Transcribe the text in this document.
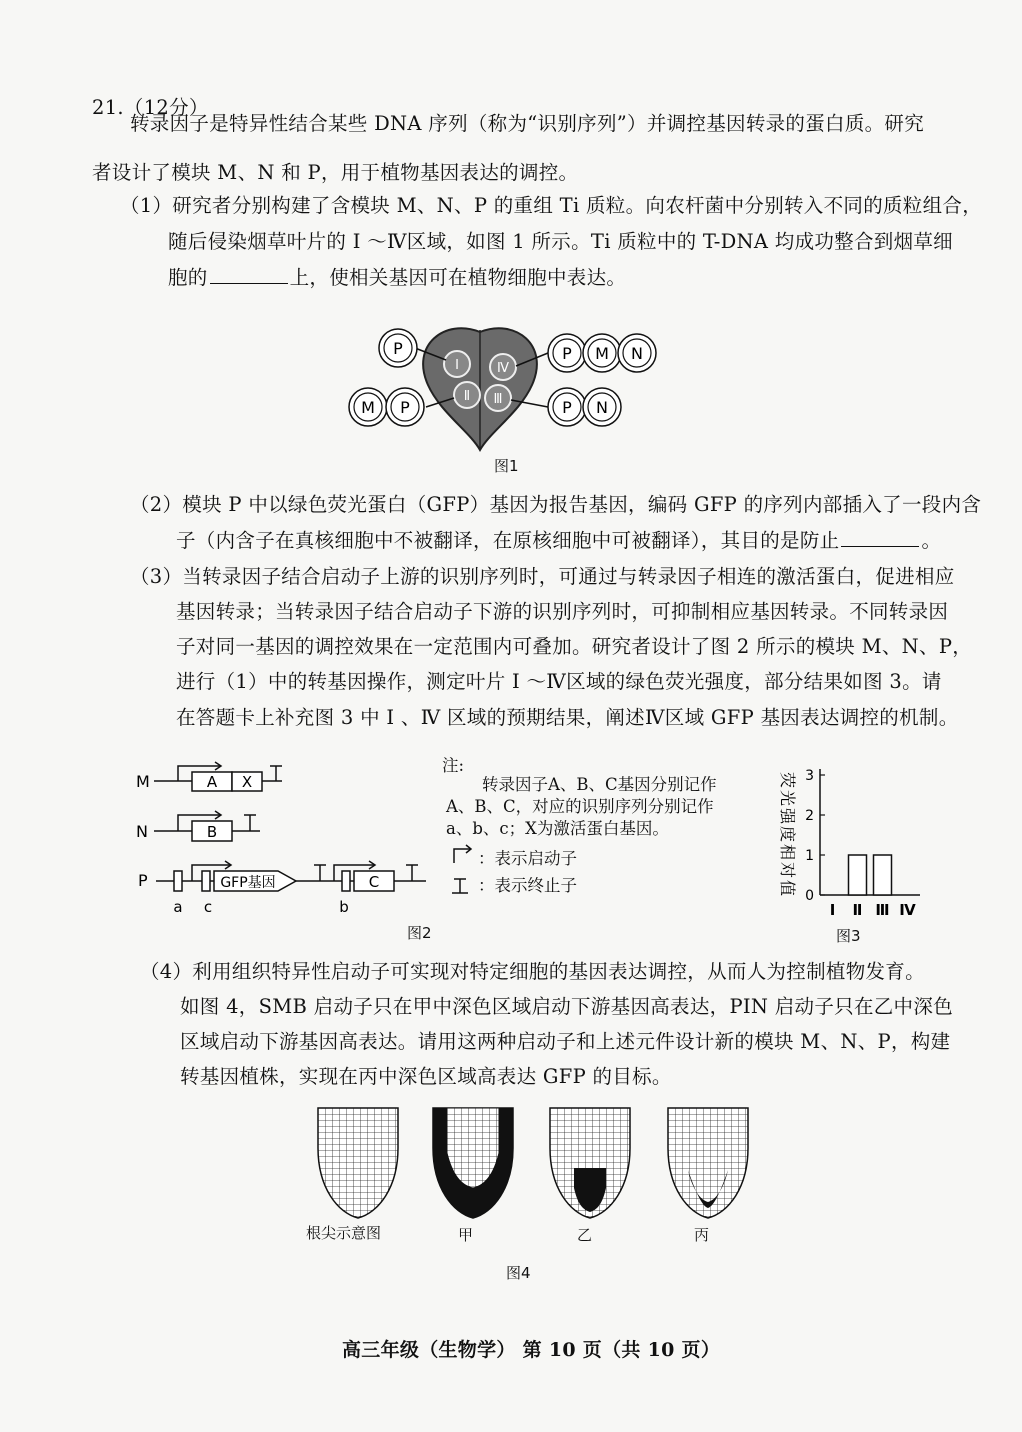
21.（12分）
转录因子是特异性结合某些 DNA 序列（称为“识别序列”）并调控基因转录的蛋白质。研究
者设计了模块 M、N 和 P，用于植物基因表达的调控。
（1）研究者分别构建了含模块 M、N、P 的重组 Ti 质粒。向农杆菌中分别转入不同的质粒组合，
随后侵染烟草叶片的 Ⅰ ～Ⅳ区域，如图 1 所示。Ti 质粒中的 T-DNA 均成功整合到烟草细
胞的	上，使相关基因可在植物细胞中表达。
Ⅰ
Ⅱ Ⅲ
Ⅳ
P
M P
P M N
P N
图1
（2）模块 P 中以绿色荧光蛋白（GFP）基因为报告基因，编码 GFP 的序列内部插入了一段内含
子（内含子在真核细胞中不被翻译，在原核细胞中可被翻译），其目的是防止	。
（3）当转录因子结合启动子上游的识别序列时，可通过与转录因子相连的激活蛋白，促进相应
基因转录；当转录因子结合启动子下游的识别序列时，可抑制相应基因转录。不同转录因
子对同一基因的调控效果在一定范围内可叠加。研究者设计了图 2 所示的模块 M、N、P，
进行（1）中的转基因操作，测定叶片 Ⅰ ～Ⅳ区域的绿色荧光强度，部分结果如图 3。请
在答题卡上补充图 3 中 Ⅰ 、Ⅳ 区域的预期结果，阐述Ⅳ区域 GFP 基因表达调控的机制。
M	A X
N	B
P	GFP基因	C
a c	b
图2
注:
转录因子A、B、C基因分别记作
A、B、C，对应的识别序列分别记作
a、b、c；X为激活蛋白基因。
：表示启动子
：表示终止子	荧光强度相对值 0
1
2
3
Ⅰ Ⅱ Ⅲ Ⅳ
图3
（4）利用组织特异性启动子可实现对特定细胞的基因表达调控，从而人为控制植物发育。
如图 4，SMB 启动子只在甲中深色区域启动下游基因高表达，PIN 启动子只在乙中深色
区域启动下游基因高表达。请用这两种启动子和上述元件设计新的模块 M、N、P，构建
转基因植株，实现在丙中深色区域高表达 GFP 的目标。
根尖示意图	甲	乙	丙
图4
高三年级（生物学） 第 10 页（共 10 页）
